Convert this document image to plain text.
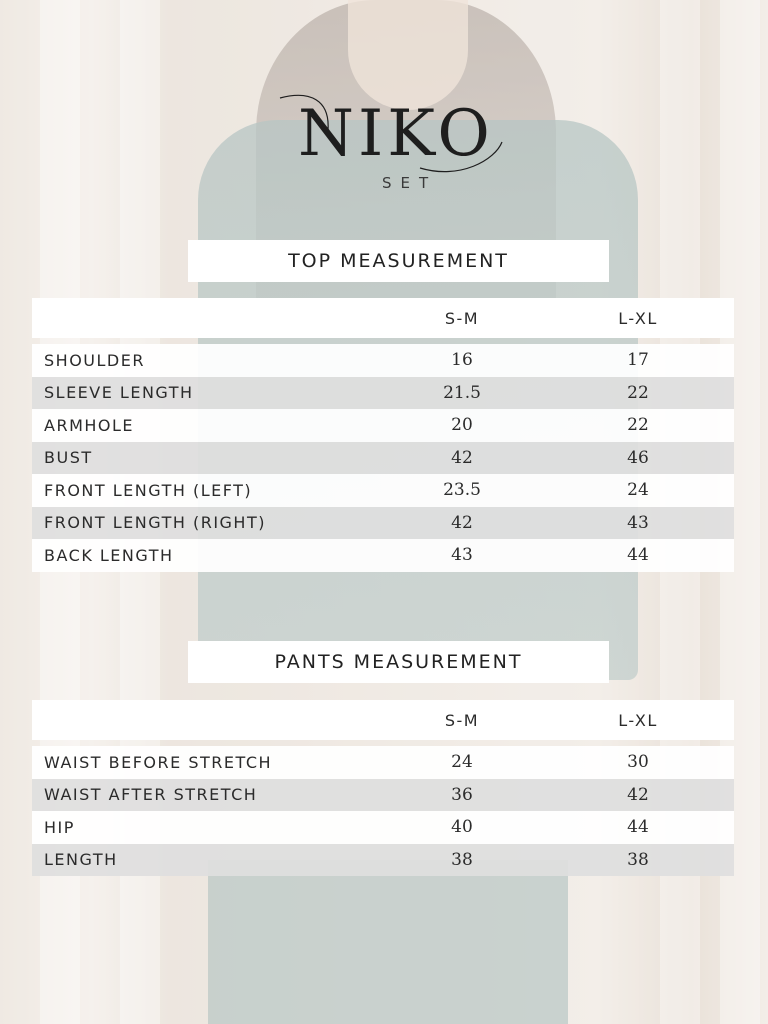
NIKO
SET
TOP MEASUREMENT
	S-M	L-XL

SHOULDER	16	17
SLEEVE LENGTH	21.5	22
ARMHOLE	20	22
BUST	42	46
FRONT LENGTH (LEFT)	23.5	24
FRONT LENGTH (RIGHT)	42	43
BACK LENGTH	43	44
PANTS MEASUREMENT
	S-M	L-XL

WAIST BEFORE STRETCH	24	30
WAIST AFTER STRETCH	36	42
HIP	40	44
LENGTH	38	38
